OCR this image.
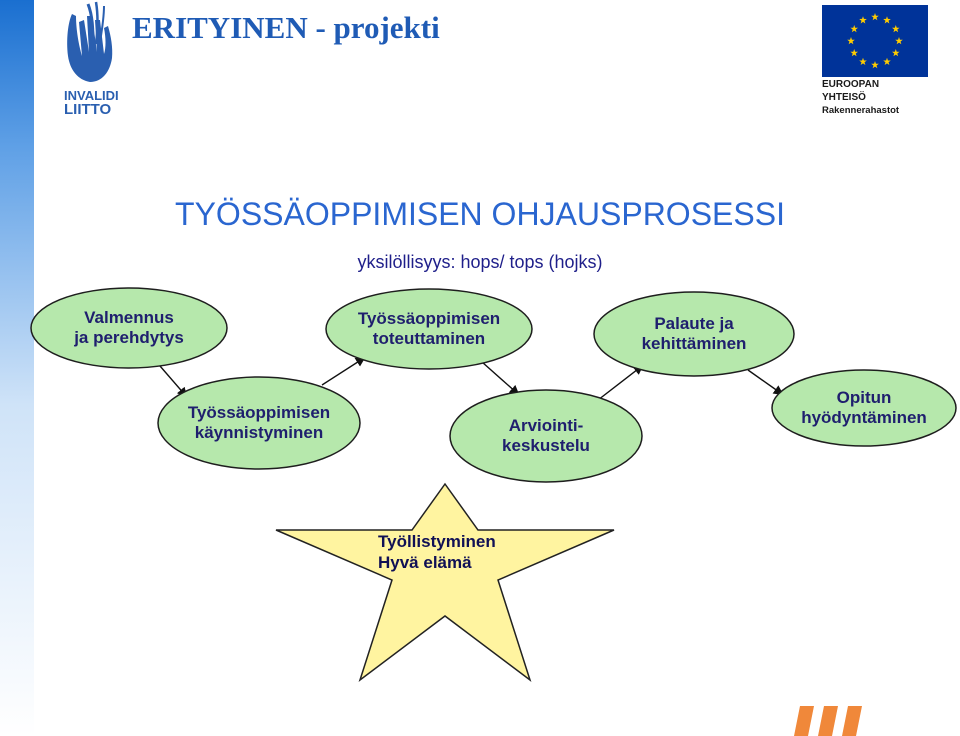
INVALIDI
LIITTO
ERITYINEN - projekti
EUROOPAN
YHTEISÖ
Rakennerahastot
TYÖSSÄOPPIMISEN OHJAUSPROSESSI

yksilöllisyys: hops/ tops (hojks)

Valmennus
ja perehdytys
Työssäoppimisen
käynnistyminen
Työssäoppimisen
toteuttaminen
Arviointi-
keskustelu
Palaute ja
kehittäminen
Opitun
hyödyntäminen
Työllistyminen
Hyvä elämä
